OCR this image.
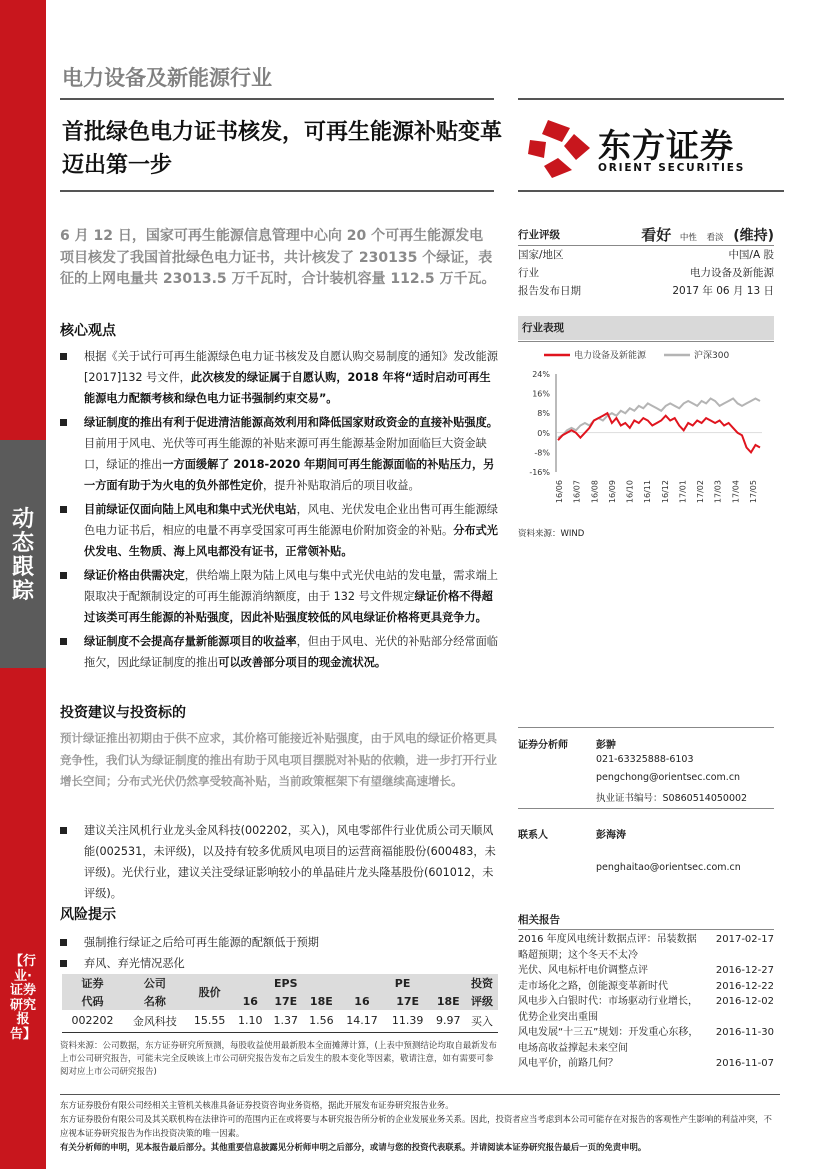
动态跟踪
【行业·证券研究报告】
电力设备及新能源行业
首批绿色电力证书核发，可再生能源补贴变革迈出第一步
东方证券
ORIENT SECURITIES
6 月 12 日，国家可再生能源信息管理中心向 20 个可再生能源发电项目核发了我国首批绿色电力证书，共计核发了 230135 个绿证，表征的上网电量共 23013.5 万千瓦时，合计装机容量 112.5 万千瓦。
核心观点
根据《关于试行可再生能源绿色电力证书核发及自愿认购交易制度的通知》发改能源[2017]132 号文件，此次核发的绿证属于自愿认购，2018 年将“适时启动可再生能源电力配额考核和绿色电力证书强制约束交易”。
绿证制度的推出有利于促进清洁能源高效利用和降低国家财政资金的直接补贴强度。目前用于风电、光伏等可再生能源的补贴来源可再生能源基金附加面临巨大资金缺口，绿证的推出一方面缓解了 2018-2020 年期间可再生能源面临的补贴压力，另一方面有助于为火电的负外部性定价，提升补贴取消后的项目收益。
目前绿证仅面向陆上风电和集中式光伏电站，风电、光伏发电企业出售可再生能源绿色电力证书后，相应的电量不再享受国家可再生能源电价附加资金的补贴。分布式光伏发电、生物质、海上风电都没有证书，正常领补贴。
绿证价格由供需决定，供给端上限为陆上风电与集中式光伏电站的发电量，需求端上限取决于配额制设定的可再生能源消纳额度，由于 132 号文件规定绿证价格不得超过该类可再生能源的补贴强度，因此补贴强度较低的风电绿证价格将更具竞争力。
绿证制度不会提高存量新能源项目的收益率，但由于风电、光伏的补贴部分经常面临拖欠，因此绿证制度的推出可以改善部分项目的现金流状况。
投资建议与投资标的
预计绿证推出初期由于供不应求，其价格可能接近补贴强度，由于风电的绿证价格更具竞争性，我们认为绿证制度的推出有助于风电项目摆脱对补贴的依赖，进一步打开行业增长空间；分布式光伏仍然享受较高补贴，当前政策框架下有望继续高速增长。
建议关注风机行业龙头金风科技(002202，买入)，风电零部件行业优质公司天顺风能(002531，未评级)，以及持有较多优质风电项目的运营商福能股份(600483，未评级)。光伏行业，建议关注受绿证影响较小的单晶硅片龙头隆基股份(601012，未评级)。
风险提示
强制推行绿证之后给可再生能源的配额低于预期
弃风、弃光情况恶化
证券	公司	股价	EPS			PE			投资
代码	名称		16	17E	18E	16	17E	18E	评级
002202	金风科技	15.55	1.10	1.37	1.56	14.17	11.39	9.97	买入
资料来源：公司数据，东方证券研究所预测，每股收益使用最新股本全面摊薄计算，(上表中预测结论均取自最新发布上市公司研究报告，可能未完全反映该上市公司研究报告发布之后发生的股本变化等因素，敬请注意，如有需要可参阅对应上市公司研究报告)
行业评级	看好 中性 看淡 (维持)
国家/地区	中国/A 股
行业	电力设备及新能源
报告发布日期	2017 年 06 月 13 日
行业表现
电力设备及新能源	沪深300
24%
16%
8%
0%
-8%
-16%
16/06 16/07 16/08 16/09 16/10 16/11 16/12 17/01 17/02 17/03 17/04 17/05
资料来源：WIND
证券分析师	彭翀
021-63325888-6103
pengchong@orientsec.com.cn
执业证书编号：S0860514050002
联系人	彭海涛
penghaitao@orientsec.com.cn
相关报告
2016 年度风电统计数据点评：吊装数据 2017-02-17
略超预期；这个冬天不太冷
光伏、风电标杆电价调整点评	2016-12-27
走市场化之路，创能源变革新时代	2016-12-22
风电步入白银时代：市场驱动行业增长， 2016-12-02
优势企业突出重围
风电发展“十三五”规划：开发重心东移， 2016-11-30
电场高收益撑起未来空间
风电平价，前路几何？	2016-11-07
东方证券股份有限公司经相关主管机关核准具备证券投资咨询业务资格，据此开展发布证券研究报告业务。
东方证券股份有限公司及其关联机构在法律许可的范围内正在或将要与本研究报告所分析的企业发展业务关系。因此，投资者应当考虑到本公司可能存在对报告的客观性产生影响的利益冲突，不应视本证券研究报告为作出投资决策的唯一因素。
有关分析师的申明，见本报告最后部分。其他重要信息披露见分析师申明之后部分，或请与您的投资代表联系。并请阅读本证券研究报告最后一页的免责申明。
